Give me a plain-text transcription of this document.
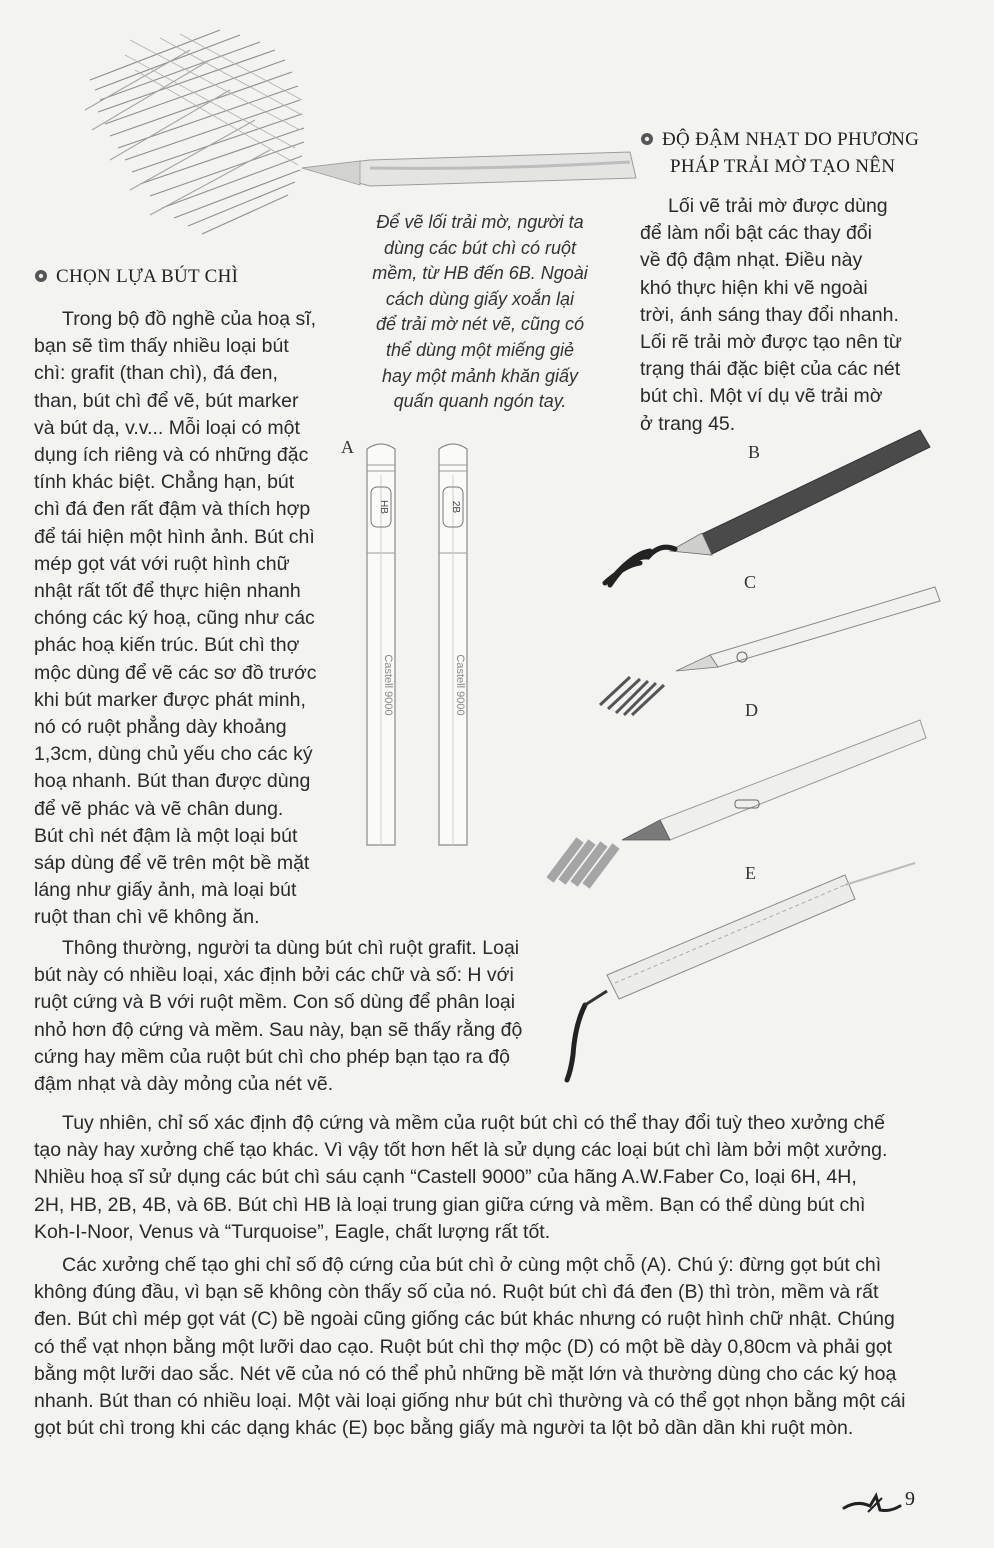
CHỌN LỰA BÚT CHÌ
ĐỘ ĐẬM NHẠT DO PHƯƠNG
PHÁP TRẢI MỜ TẠO NÊN
Để vẽ lối trải mờ, người ta
dùng các bút chì có ruột
mềm, từ HB đến 6B. Ngoài
cách dùng giấy xoắn lại
để trải mờ nét vẽ, cũng có
thể dùng một miếng giẻ
hay một mảnh khăn giấy
quấn quanh ngón tay.
Lối vẽ trải mờ được dùng
để làm nổi bật các thay đổi
về độ đậm nhạt. Điều này
khó thực hiện khi vẽ ngoài
trời, ánh sáng thay đổi nhanh.
Lối rẽ trải mờ được tạo nên từ
trạng thái đặc biệt của các nét
bút chì. Một ví dụ vẽ trải mờ
ở trang 45.
Trong bộ đồ nghề của hoạ sĩ,
bạn sẽ tìm thấy nhiều loại bút
chì: grafit (than chì), đá đen,
than, bút chì để vẽ, bút marker
và bút dạ, v.v... Mỗi loại có một
dụng ích riêng và có những đặc
tính khác biệt. Chẳng hạn, bút
chì đá đen rất đậm và thích hợp
để tái hiện một hình ảnh. Bút chì
mép gọt vát với ruột hình chữ
nhật rất tốt để thực hiện nhanh
chóng các ký hoạ, cũng như các
phác hoạ kiến trúc. Bút chì thợ
mộc dùng để vẽ các sơ đồ trước
khi bút marker được phát minh,
nó có ruột phẳng dày khoảng
1,3cm, dùng chủ yếu cho các ký
hoạ nhanh. Bút than được dùng
để vẽ phác và vẽ chân dung.
Bút chì nét đậm là một loại bút
sáp dùng để vẽ trên một bề mặt
láng như giấy ảnh, mà loại bút
ruột than chì vẽ không ăn.
A
HB	2B
Castell 9000	Castell 9000
B
C
D
E
Thông thường, người ta dùng bút chì ruột grafit. Loại
bút này có nhiều loại, xác định bởi các chữ và số: H với
ruột cứng và B với ruột mềm. Con số dùng để phân loại
nhỏ hơn độ cứng và mềm. Sau này, bạn sẽ thấy rằng độ
cứng hay mềm của ruột bút chì cho phép bạn tạo ra độ
đậm nhạt và dày mỏng của nét vẽ.
Tuy nhiên, chỉ số xác định độ cứng và mềm của ruột bút chì có thể thay đổi tuỳ theo xưởng chế
tạo này hay xưởng chế tạo khác. Vì vậy tốt hơn hết là sử dụng các loại bút chì làm bởi một xưởng.
Nhiều hoạ sĩ sử dụng các bút chì sáu cạnh “Castell 9000” của hãng A.W.Faber Co, loại 6H, 4H,
2H, HB, 2B, 4B, và 6B. Bút chì HB là loại trung gian giữa cứng và mềm. Bạn có thể dùng bút chì
Koh-I-Noor, Venus và “Turquoise”, Eagle, chất lượng rất tốt.
Các xưởng chế tạo ghi chỉ số độ cứng của bút chì ở cùng một chỗ (A). Chú ý: đừng gọt bút chì
không đúng đầu, vì bạn sẽ không còn thấy số của nó. Ruột bút chì đá đen (B) thì tròn, mềm và rất
đen. Bút chì mép gọt vát (C) bề ngoài cũng giống các bút khác nhưng có ruột hình chữ nhật. Chúng
có thể vạt nhọn bằng một lưỡi dao cạo. Ruột bút chì thợ mộc (D) có một bề dày 0,80cm và phải gọt
bằng một lưỡi dao sắc. Nét vẽ của nó có thể phủ những bề mặt lớn và thường dùng cho các ký hoạ
nhanh. Bút than có nhiều loại. Một vài loại giống như bút chì thường và có thể gọt nhọn bằng một cái
gọt bút chì trong khi các dạng khác (E) bọc bằng giấy mà người ta lột bỏ dần dần khi ruột mòn.
9
